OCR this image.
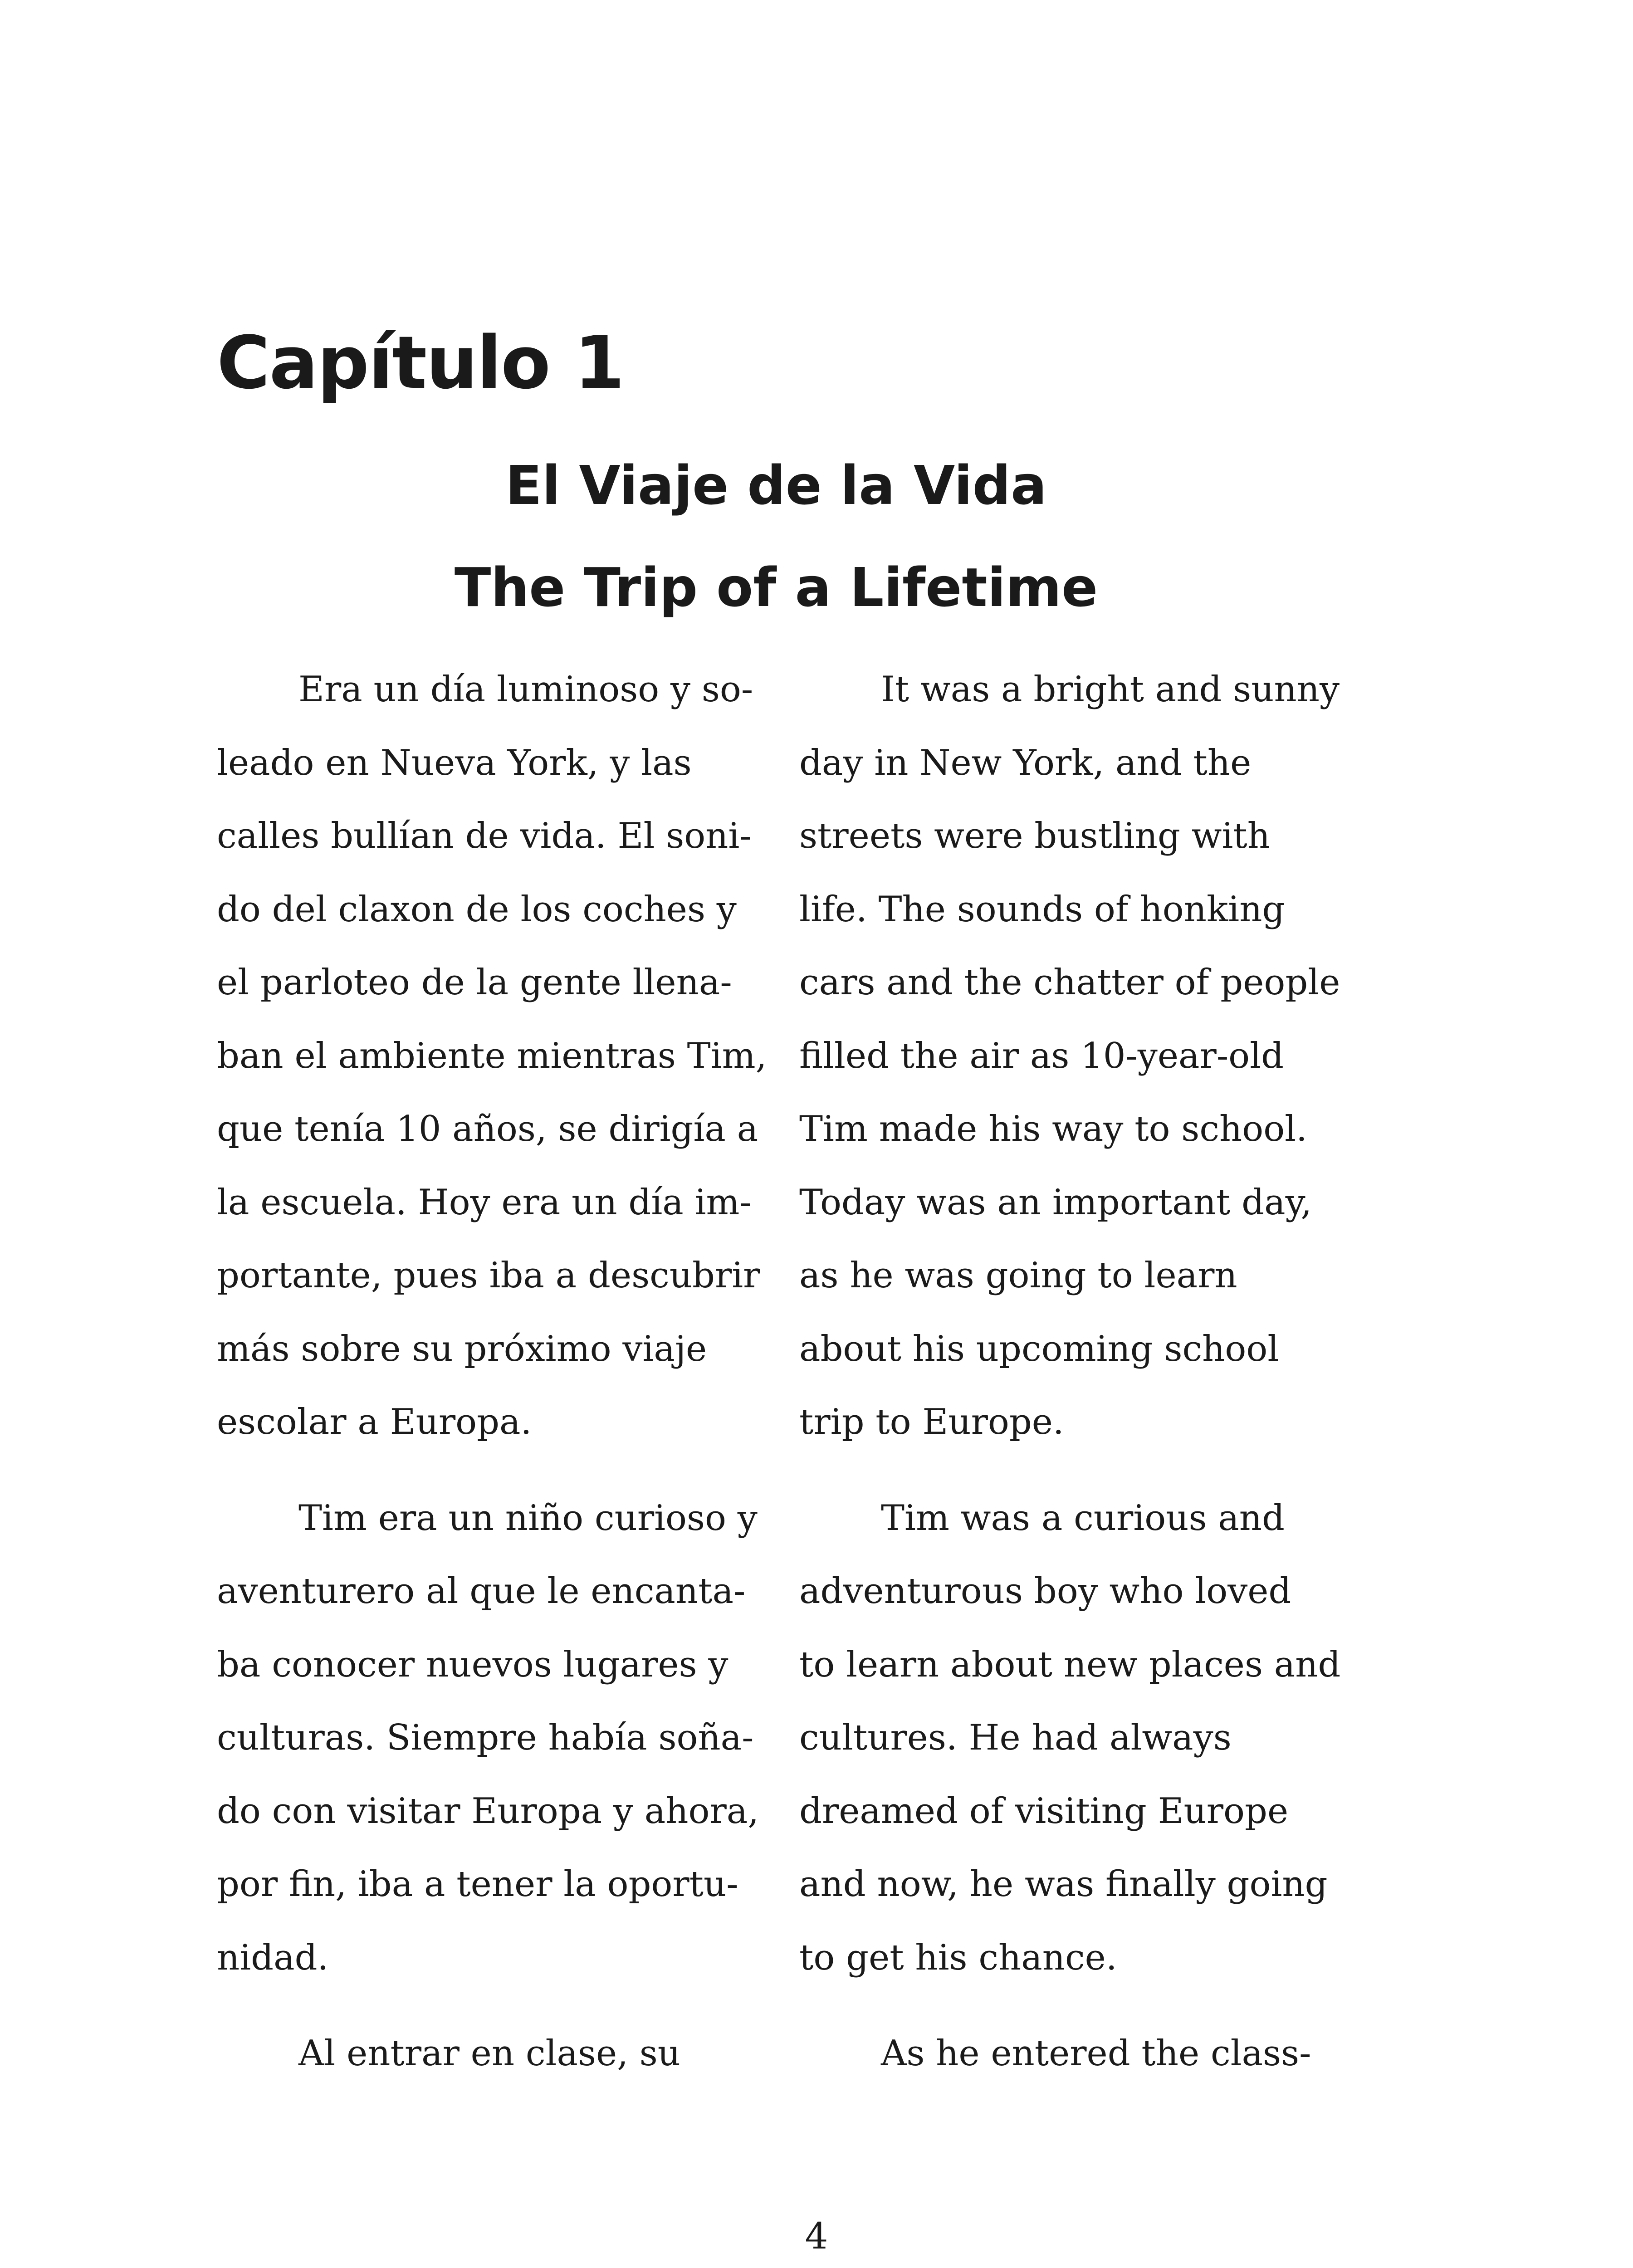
Capítulo 1
El Viaje de la Vida
The Trip of a Lifetime
Era un día luminoso y so-
leado en Nueva York, y las
calles bullían de vida. El soni-
do del claxon de los coches y
el parloteo de la gente llena-
ban el ambiente mientras Tim,
que tenía 10 años, se dirigía a
la escuela. Hoy era un día im-
portante, pues iba a descubrir
más sobre su próximo viaje
escolar a Europa.
Tim era un niño curioso y
aventurero al que le encanta-
ba conocer nuevos lugares y
culturas. Siempre había soña-
do con visitar Europa y ahora,
por fin, iba a tener la oportu-
nidad.
Al entrar en clase, su
It was a bright and sunny
day in New York, and the
streets were bustling with
life. The sounds of honking
cars and the chatter of people
filled the air as 10-year-old
Tim made his way to school.
Today was an important day,
as he was going to learn
about his upcoming school
trip to Europe.
Tim was a curious and
adventurous boy who loved
to learn about new places and
cultures. He had always
dreamed of visiting Europe
and now, he was finally going
to get his chance.
As he entered the class-

4
